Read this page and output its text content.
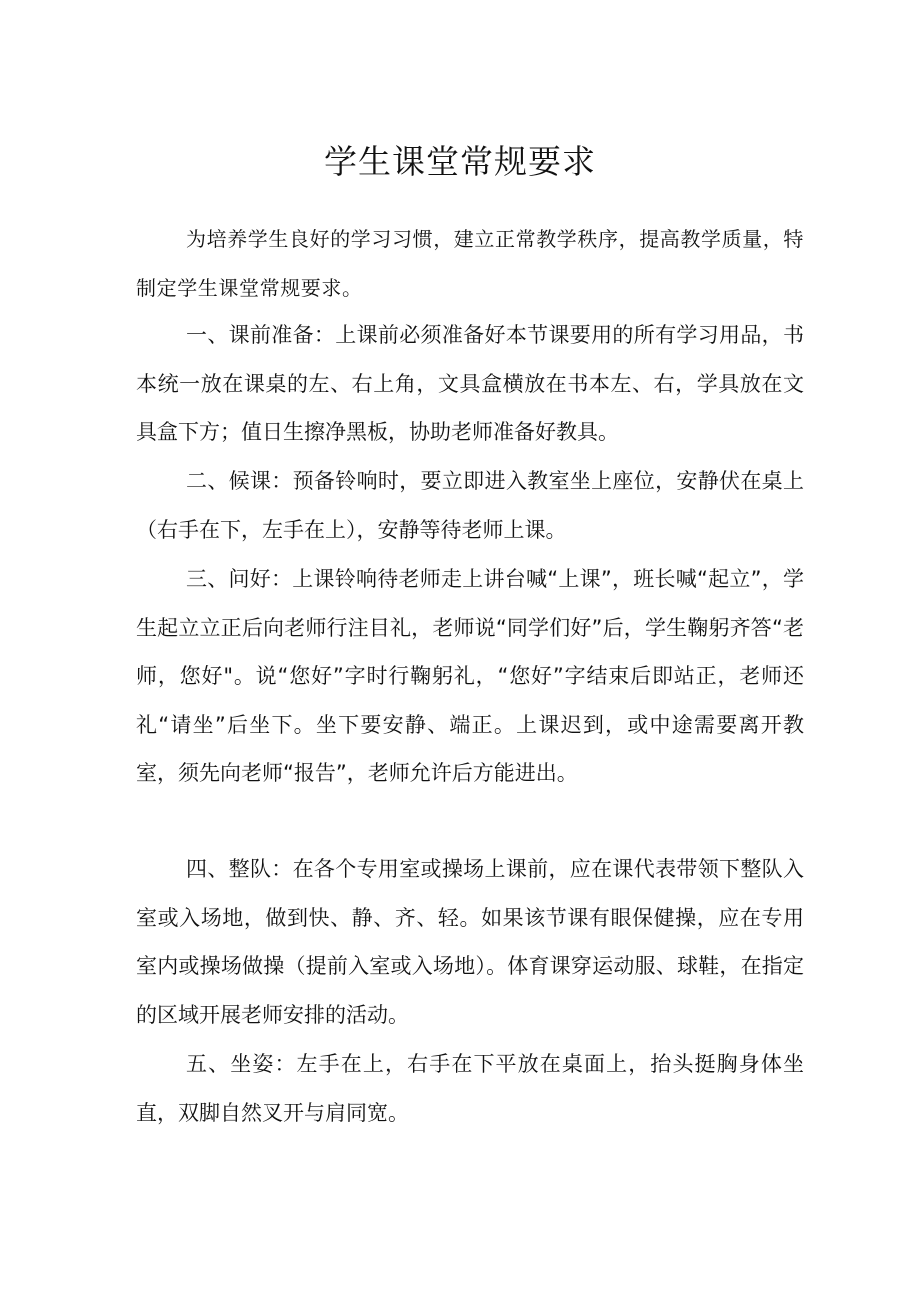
学生课堂常规要求

为培养学生良好的学习习惯，建立正常教学秩序，提高教学质量，特制定学生课堂常规要求。

一、课前准备：上课前必须准备好本节课要用的所有学习用品，书本统一放在课桌的左、右上角，文具盒横放在书本左、右，学具放在文具盒下方；值日生擦净黑板，协助老师准备好教具。

二、候课：预备铃响时，要立即进入教室坐上座位，安静伏在桌上（右手在下，左手在上），安静等待老师上课。

三、问好：上课铃响待老师走上讲台喊“上课”，班长喊“起立”，学生起立立正后向老师行注目礼，老师说“同学们好”后，学生鞠躬齐答“老师，您好"。说“您好”字时行鞠躬礼，“您好”字结束后即站正，老师还礼“请坐”后坐下。坐下要安静、端正。上课迟到，或中途需要离开教室，须先向老师“报告”，老师允许后方能进出。

四、整队：在各个专用室或操场上课前，应在课代表带领下整队入室或入场地，做到快、静、齐、轻。如果该节课有眼保健操，应在专用室内或操场做操（提前入室或入场地）。体育课穿运动服、球鞋，在指定的区域开展老师安排的活动。

五、坐姿：左手在上，右手在下平放在桌面上，抬头挺胸身体坐直，双脚自然叉开与肩同宽。
